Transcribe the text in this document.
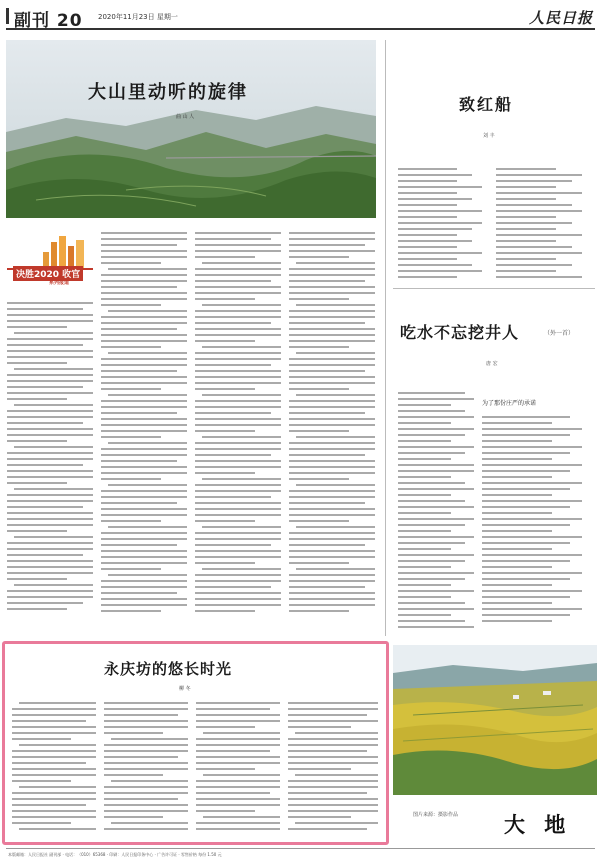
副刊 20 2020年11月23日 星期一	人民日报
大山里动听的旋律
曲 山 人
决胜2020 收官
系列报道
致红船
刘 丰
吃水不忘挖井人	（外一首）
唐 宏
为了那份庄严的承诺
永庆坊的悠长时光
柳 冬
图片来源：摄影作品 大 地
本版邮箱：人民日报社 副刊部 · 电话：（010）65368 · 印刷：人民日报印务中心 · 广告许可证 · 零售价格 每份 1.50 元
